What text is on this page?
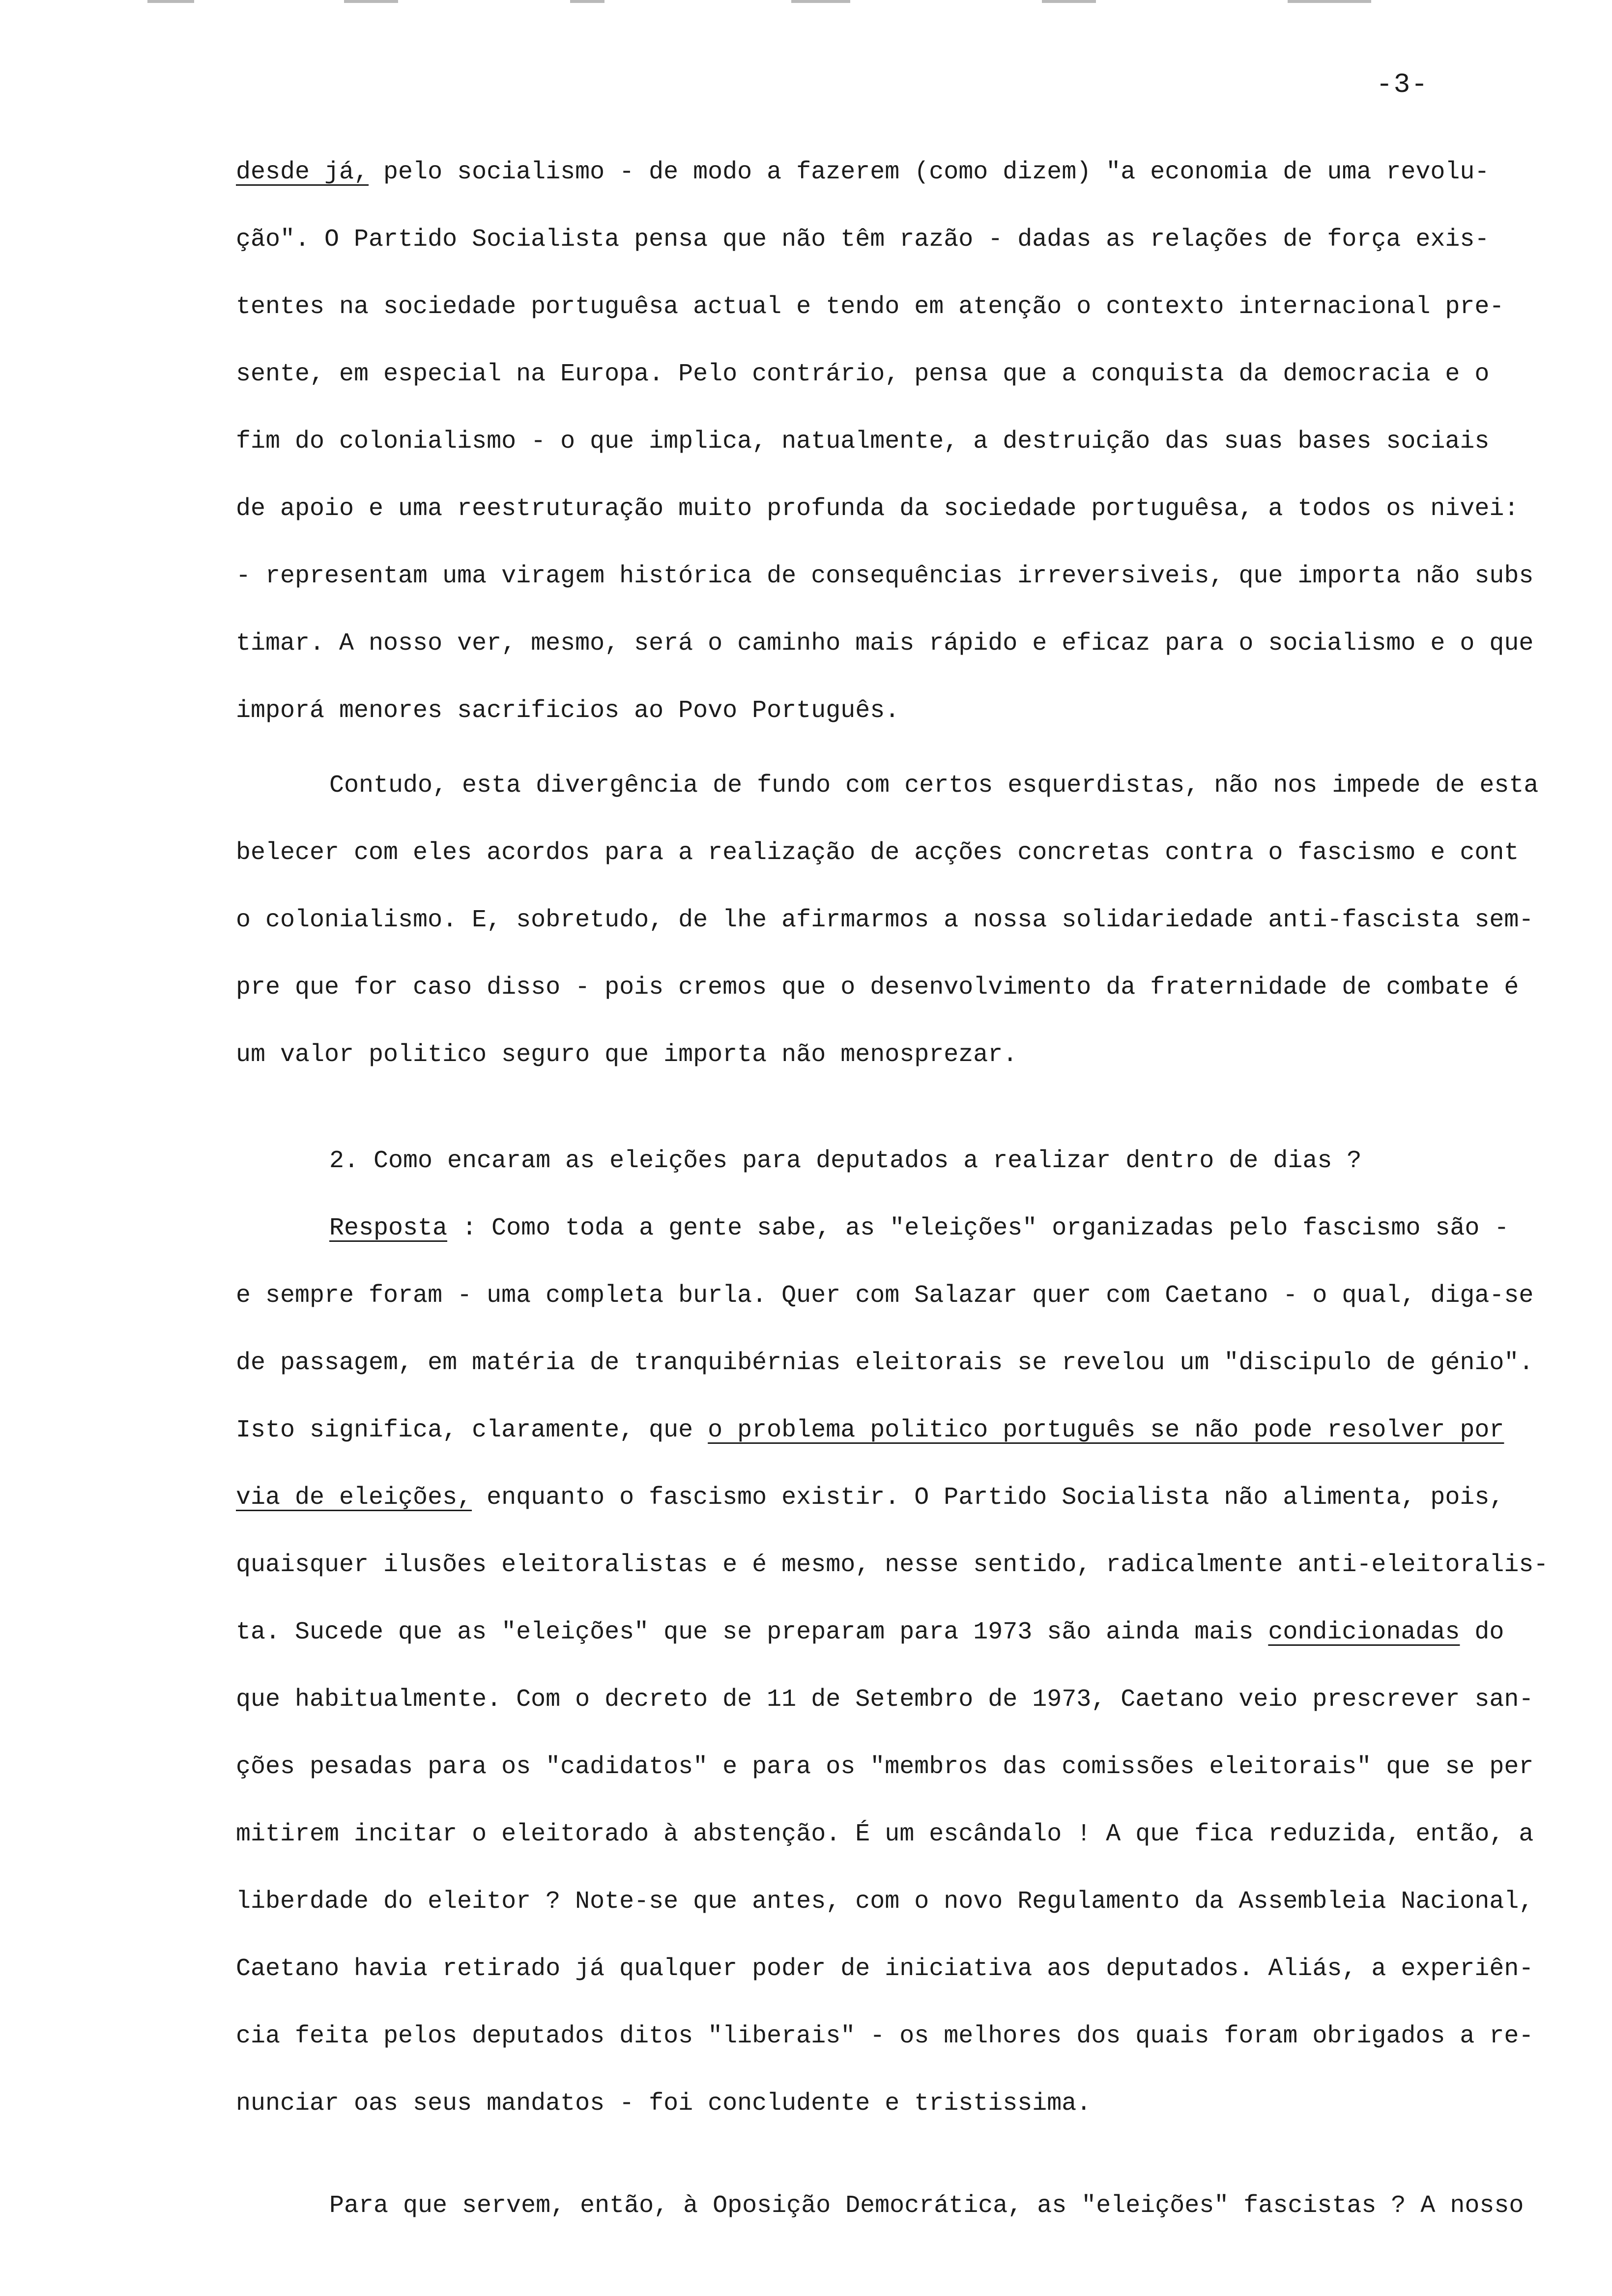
-3-
desde já, pelo socialismo - de modo a fazerem (como dizem) "a economia de uma revolu-
ção". O Partido Socialista pensa que não têm razão - dadas as relações de força exis-
tentes na sociedade portuguêsa actual e tendo em atenção o contexto internacional pre-
sente, em especial na Europa. Pelo contrário, pensa que a conquista da democracia e o
fim do colonialismo - o que implica, natualmente, a destruição das suas bases sociais
de apoio e uma reestruturação muito profunda da sociedade portuguêsa, a todos os nivei:
- representam uma viragem histórica de consequências irreversiveis, que importa não subs
timar. A nosso ver, mesmo, será o caminho mais rápido e eficaz para o socialismo e o que
imporá menores sacrificios ao Povo Português.
Contudo, esta divergência de fundo com certos esquerdistas, não nos impede de esta
belecer com eles acordos para a realização de acções concretas contra o fascismo e cont
o colonialismo. E, sobretudo, de lhe afirmarmos a nossa solidariedade anti-fascista sem-
pre que for caso disso - pois cremos que o desenvolvimento da fraternidade de combate é
um valor politico seguro que importa não menosprezar.
2. Como encaram as eleições para deputados a realizar dentro de dias ?
Resposta : Como toda a gente sabe, as "eleições" organizadas pelo fascismo são -
e sempre foram - uma completa burla. Quer com Salazar quer com Caetano - o qual, diga-se
de passagem, em matéria de tranquibérnias eleitorais se revelou um "discipulo de génio".
Isto significa, claramente, que o problema politico português se não pode resolver por
via de eleições, enquanto o fascismo existir. O Partido Socialista não alimenta, pois,
quaisquer ilusões eleitoralistas e é mesmo, nesse sentido, radicalmente anti-eleitoralis-
ta. Sucede que as "eleições" que se preparam para 1973 são ainda mais condicionadas do
que habitualmente. Com o decreto de 11 de Setembro de 1973, Caetano veio prescrever san-
ções pesadas para os "cadidatos" e para os "membros das comissões eleitorais" que se per
mitirem incitar o eleitorado à abstenção. É um escândalo ! A que fica reduzida, então, a
liberdade do eleitor ? Note-se que antes, com o novo Regulamento da Assembleia Nacional,
Caetano havia retirado já qualquer poder de iniciativa aos deputados. Aliás, a experiên-
cia feita pelos deputados ditos "liberais" - os melhores dos quais foram obrigados a re-
nunciar oas seus mandatos - foi concludente e tristissima.
Para que servem, então, à Oposição Democrática, as "eleições" fascistas ? A nosso
